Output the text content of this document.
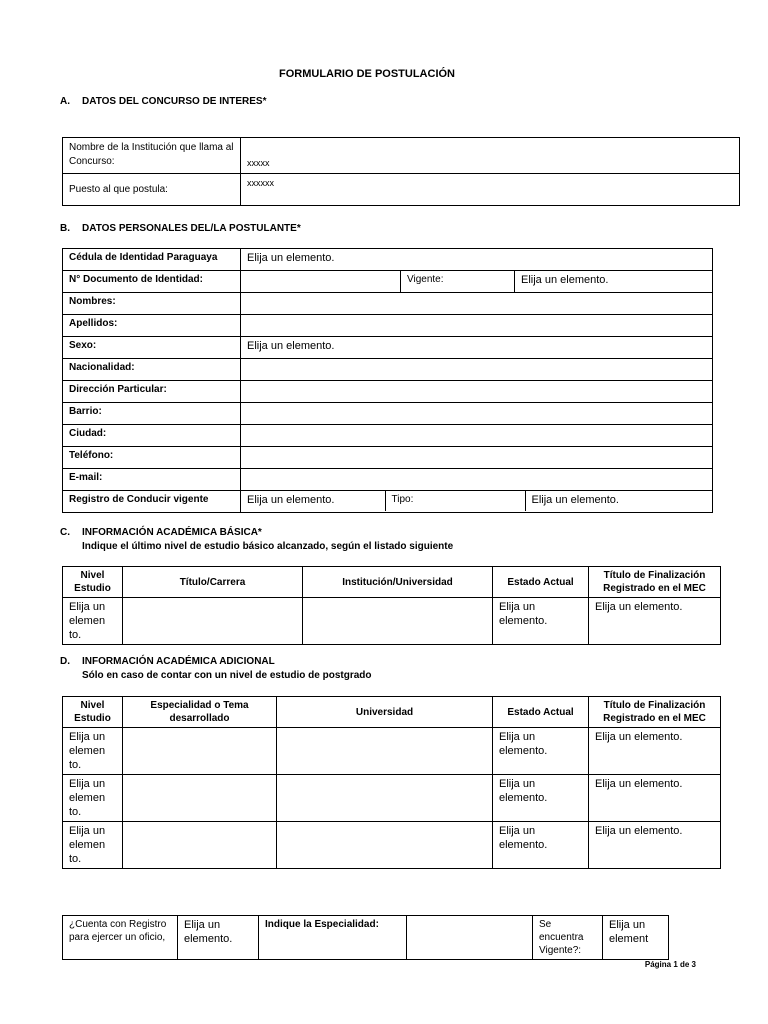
FORMULARIO DE POSTULACIÓN
A. DATOS DEL CONCURSO DE INTERES*
Nombre de la Institución que llama al Concurso:	xxxxx
Puesto al que postula:	xxxxxx
B. DATOS PERSONALES DEL/LA POSTULANTE*
Cédula de Identidad Paraguaya	Elija un elemento.
N° Documento de Identidad:		Vigente:	Elija un elemento.
Nombres:	
Apellidos:	
Sexo:	Elija un elemento.
Nacionalidad:	
Dirección Particular:	
Barrio:	
Ciudad:	
Teléfono:	
E-mail:	
Registro de Conducir vigente		Elija un elemento.	Tipo:	Elija un elemento.
C. INFORMACIÓN ACADÉMICA BÁSICA*
Indique el último nivel de estudio básico alcanzado, según el listado siguiente
Nivel Estudio	Título/Carrera	Institución/Universidad	Estado Actual	Título de Finalización Registrado en el MEC
Elija un elemen to.			Elija un elemento.	Elija un elemento.
D. INFORMACIÓN ACADÉMICA ADICIONAL
Sólo en caso de contar con un nivel de estudio de postgrado
Nivel Estudio	Especialidad o Tema desarrollado	Universidad	Estado Actual	Título de Finalización Registrado en el MEC
Elija un elemen to.			Elija un elemento.	Elija un elemento.
Elija un elemen to.			Elija un elemento.	Elija un elemento.
Elija un elemen to.			Elija un elemento.	Elija un elemento.
¿Cuenta con Registro para ejercer un oficio,	Elija un elemento.	Indique la Especialidad:		Se encuentra Vigente?:	Elija un element
Página 1 de 3
